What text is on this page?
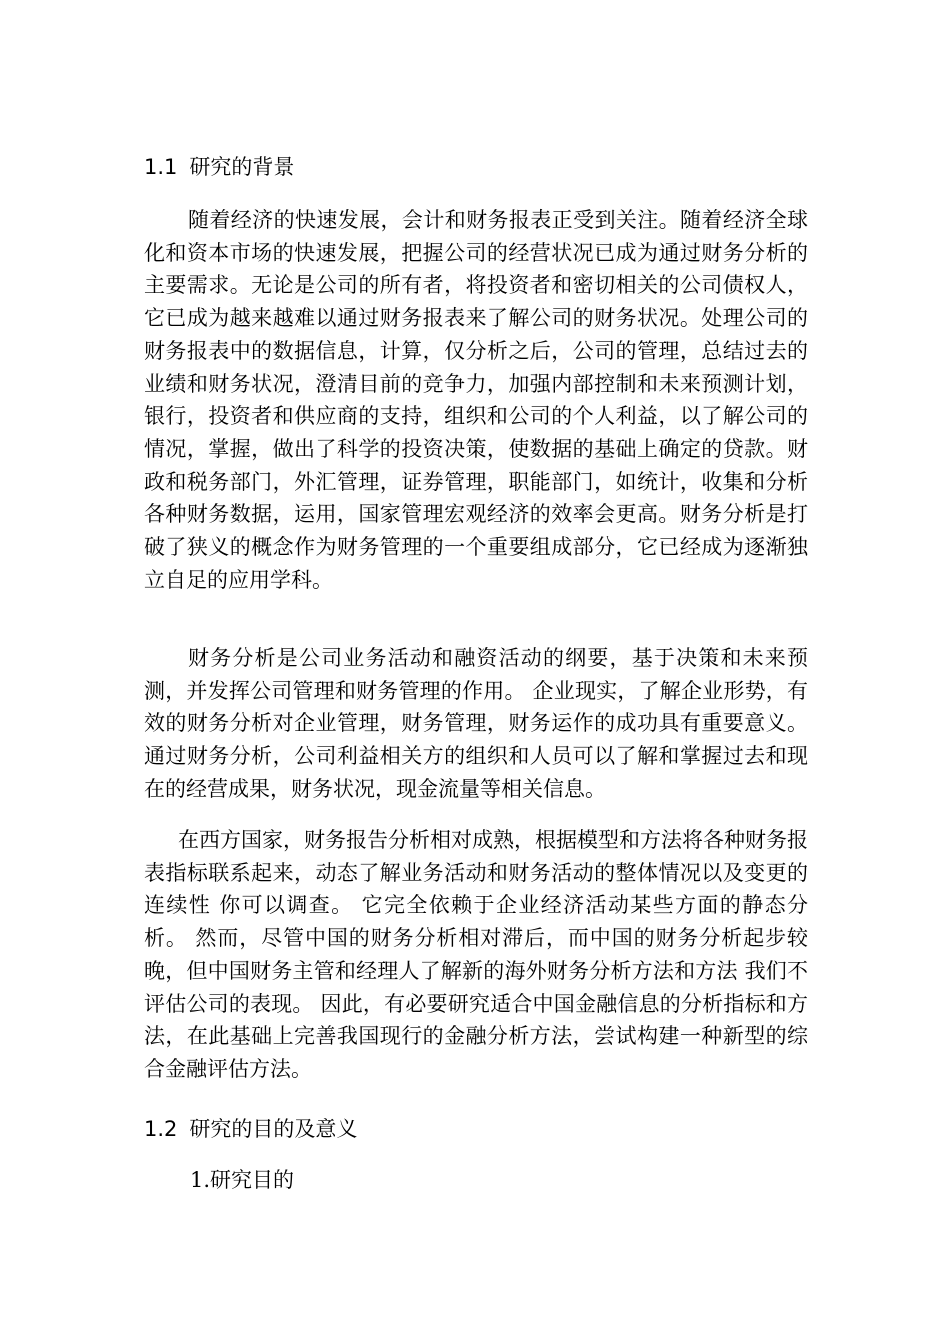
1.1 研究的背景

随着经济的快速发展，会计和财务报表正受到关注。随着经济全球化和资本市场的快速发展，把握公司的经营状况已成为通过财务分析的主要需求。无论是公司的所有者，将投资者和密切相关的公司债权人，它已成为越来越难以通过财务报表来了解公司的财务状况。处理公司的财务报表中的数据信息，计算，仅分析之后，公司的管理，总结过去的业绩和财务状况，澄清目前的竞争力，加强内部控制和未来预测计划，银行，投资者和供应商的支持，组织和公司的个人利益，以了解公司的情况，掌握，做出了科学的投资决策，使数据的基础上确定的贷款。财政和税务部门，外汇管理，证券管理，职能部门，如统计，收集和分析各种财务数据，运用，国家管理宏观经济的效率会更高。财务分析是打破了狭义的概念作为财务管理的一个重要组成部分，它已经成为逐渐独立自足的应用学科。

财务分析是公司业务活动和融资活动的纲要，基于决策和未来预测，并发挥公司管理和财务管理的作用。 企业现实，了解企业形势，有效的财务分析对企业管理，财务管理，财务运作的成功具有重要意义。 通过财务分析，公司利益相关方的组织和人员可以了解和掌握过去和现在的经营成果，财务状况，现金流量等相关信息。

在西方国家，财务报告分析相对成熟，根据模型和方法将各种财务报表指标联系起来，动态了解业务活动和财务活动的整体情况以及变更的连续性 你可以调查。 它完全依赖于企业经济活动某些方面的静态分析。 然而，尽管中国的财务分析相对滞后，而中国的财务分析起步较晚，但中国财务主管和经理人了解新的海外财务分析方法和方法 我们不评估公司的表现。 因此，有必要研究适合中国金融信息的分析指标和方法，在此基础上完善我国现行的金融分析方法，尝试构建一种新型的综合金融评估方法。

1.2 研究的目的及意义

1.研究目的
